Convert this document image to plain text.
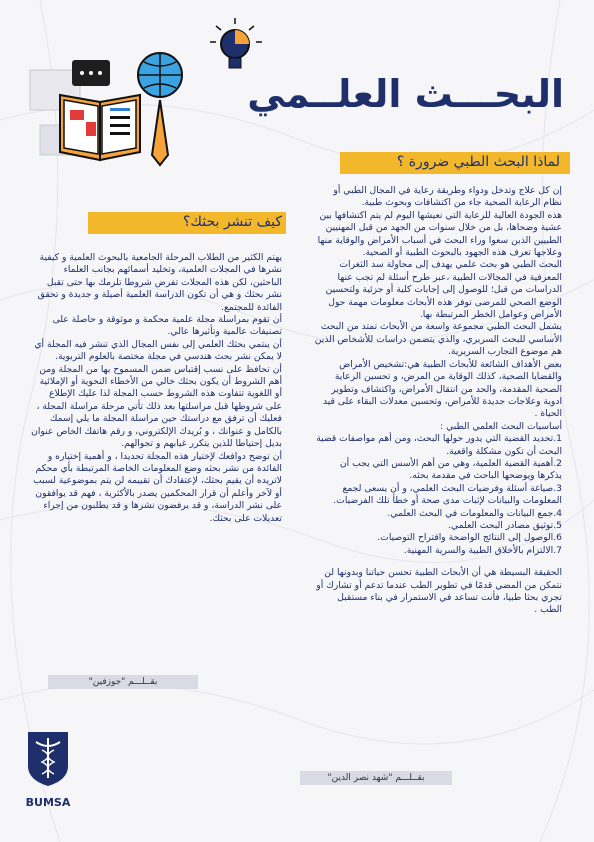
البحـــث العلــمي
لماذا البحث الطبي ضرورة ؟

إن كل علاج وتدخل ودواء وطريقة رعاية في المجال الطبي أو نظام الرعاية الصحية جاء من اكتشافات وبحوث طبية.

هذه الجودة العالية للرعاية التي نعيشها اليوم لم يتم اكتشافها بين عشية وضحاها، بل من خلال سنوات من الجهد من قبل المهنيين الطبيين الذين سعوا وراء البحث في أسباب الأمراض والوقاية منها وعلاجها تعرف هذه الجهود بالبحوث الطبية أو الصحية.

البحث الطبي هو بحث علمي يهدف إلى محاولة سد الثغرات المعرفية في المجالات الطبية ،عبر طرح أسئلة لم تجب عنها الدراسات من قبل؛ للوصول إلى إجابات كلية أو جزئية ولتحسين الوضع الصحي للمرضى توفر هذه الأبحاث معلومات مهمة حول الأمراض وعوامل الخطر المرتبطة بها.

يشمل البحث الطبي مجموعة واسعة من الأبحاث تمتد من البحث الأساسي للبحث السريري، والذي يتضمن دراسات للأشخاص الذين هم موضوع التجارب السريرية.

بعض الأهداف الشائعة للأبحاث الطبية هي:تشخيص الأمراض والقضايا الصحية، كذلك الوقاية من المرض، و تحسين الرعاية الصحية المقدمة، والحد من انتقال الأمراض، واكتشاف وتطوير ادوية وعلاجات جديدة للأمراض، وتحسين معدلات البقاء على قيد الحياة .

أساسيات البحث العلمي الطبي :

1.تحديد القضية التي يدور حولها البحث، ومن أهم مواصفات قضية البحث أن تكون مشكلة واقعية.

2.أهمية القضية العلمية، وهي من أهم الأسس التي يجب أن يذكرها ويوضحها الباحث في مقدمة بحثه.

3.صياغة أسئلة وفرضيات البحث العلمي، و أن يسعى لجمع المعلومات والبيانات لإثبات مدى صحة أو خطأ تلك الفرضيات.

4.جمع البيانات والمعلومات في البحث العلمي.

5.توثيق مصادر البحث العلمي.

6.الوصول إلى النتائج الواضحة واقتراح التوصيات.

7.الالتزام بالأخلاق الطبية والسرية المهنية.

الحقيقة البسيطة هي أن الأبحاث الطبية تحسن حياتنا وبدونها لن نتمكن من المضي قدمًا في تطوير الطب عندما تدعم أو تشارك أو تجري بحثا طبيا، فأنت تساعد في الاستمرار في بناء مستقبل الطب .

بقــلـــم "شهد نصر الدين"
كيف تنشر بحثك؟

يهتم الكثير من الطلاب المرحلة الجامعية بالبحوث العلمية و كيفية نشرها في المجلات العلمية، وتخليد أسمائهم بجانب العلماء الباحثين، لكن هذه المجلات تفرض شروطا تلزمك بها حتى تقبل نشر بحثك و هي أن تكون الدراسة العلمية أصيلة و جديدة و تحقق الفائدة للمجتمع.

أن تقوم بمراسلة مجلة علمية محكمة و موثوقة و حاصلة على تصنيفات عالمية وتأثيرها عالي.

أن ينتمي بحثك العلمي إلى نفس المجال الذي تنشر فيه المجلة أي لا يمكن نشر بحث هندسي في مجلة مختصة بالعلوم التربوية.

أن تحافظ على نسب إقتباس ضمن المسموح بها من المجلة ومن أهم الشروط أن يكون بحثك خالي من الأخطاء النحوية أو الإملائية أو اللغوية تتفاوت هذه الشروط حسب المجلة لذا عليك الإطلاع على شروطها قبل مراسلتها بعد ذلك تأتي مرحلة مراسلة المجلة ، فعليك أن ترفق مع دراستك حين مراسلة المجلة ما يلي إسمك بالكامل و عنوانك ، و بُريدك الإلكتروني، و رقم هاتفك الخاص عنوان بديل إحتياطا للذين يتكرر غيابهم و تجوالهم.

أن توضح دوافعك لإختيار هذه المجلة تحديدا ، و أهمية إختياره و الفائدة من نشر بحثه وضع المعلومات الخاصة المرتبطة بأي محكم لاتريده أن يقيم بحثك، لإعتقادك أن تقييمه لن يتم بموضوعية لسبب أو لآخر وأعلم أن قرار المحكمين يصدر بالأكثرية ، فهم قد يوافقون على نشر الدراسة، و قد يرفضون نشرها و قد يطلبون من إجراء تعديلات على بحثك.

بقــلـــم "جوزفين"
BUMSA
